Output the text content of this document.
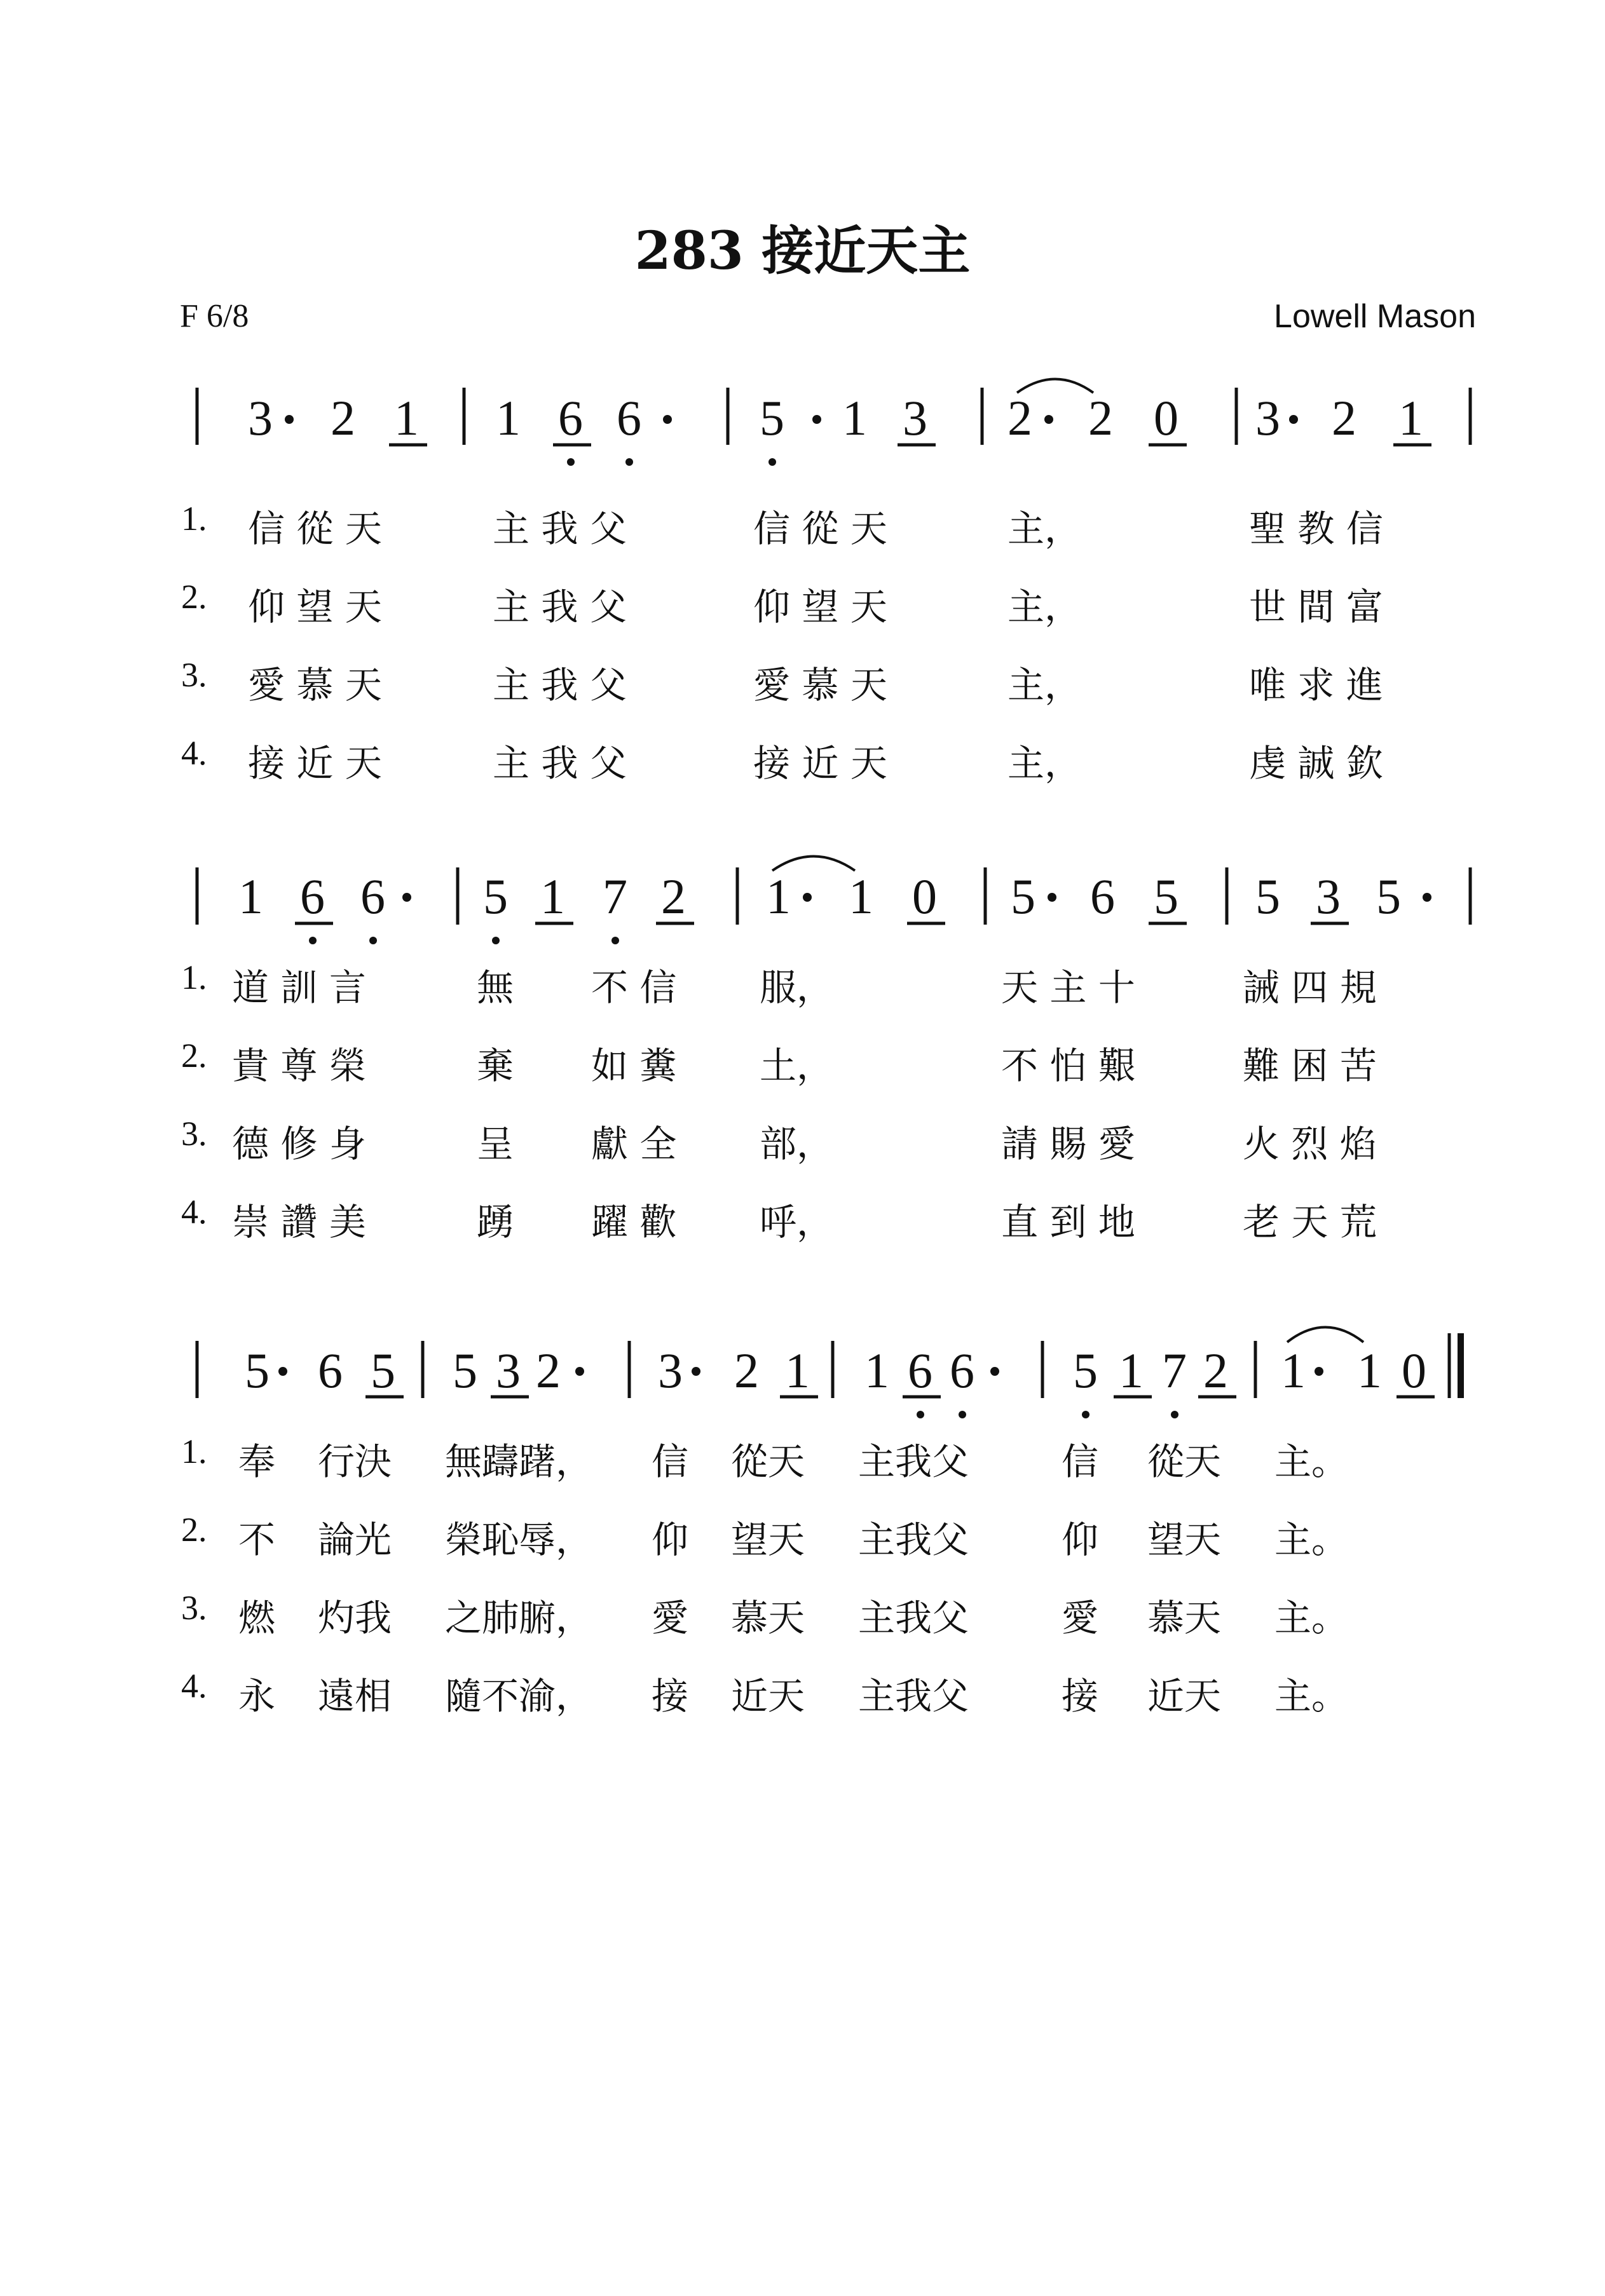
283 接近天主
F 6/8	Lowell Mason
3 2 1 1 6 6 5 1 3 2 2 0 3 2 1
1. 信 從 天	主 我 父	信 從 天	主，	聖 教 信
2. 仰 望 天	主 我 父	仰 望 天	主，	世 間 富
3. 愛 慕 天	主 我 父	愛 慕 天	主，	唯 求 進
4. 接 近 天	主 我 父	接 近 天	主，	虔 誠 欽
1 6 6 5 1 7 2 1 1 0 5 6 5 5 3 5
1. 道 訓 言	無 不 信 服，	天 主 十	誡 四 規
2. 貴 尊 榮	棄 如 糞 土，	不 怕 艱	難 困 苦
3. 德 修 身	呈 獻 全 部，	請 賜 愛	火 烈 焰
4. 崇 讚 美	踴 躍 歡 呼，	直 到 地	老 天 荒
5 6 5 5 3 2 3 2 1 1 6 6 5 1 7 2 1 1 0
1. 奉 行決 無躊躇， 信 從天 主我父	信 從天 主。
2. 不 論光 榮恥辱， 仰 望天 主我父	仰 望天 主。
3. 燃 灼我 之肺腑， 愛 慕天 主我父	愛 慕天 主。
4. 永 遠相 隨不渝， 接 近天 主我父	接 近天 主。
